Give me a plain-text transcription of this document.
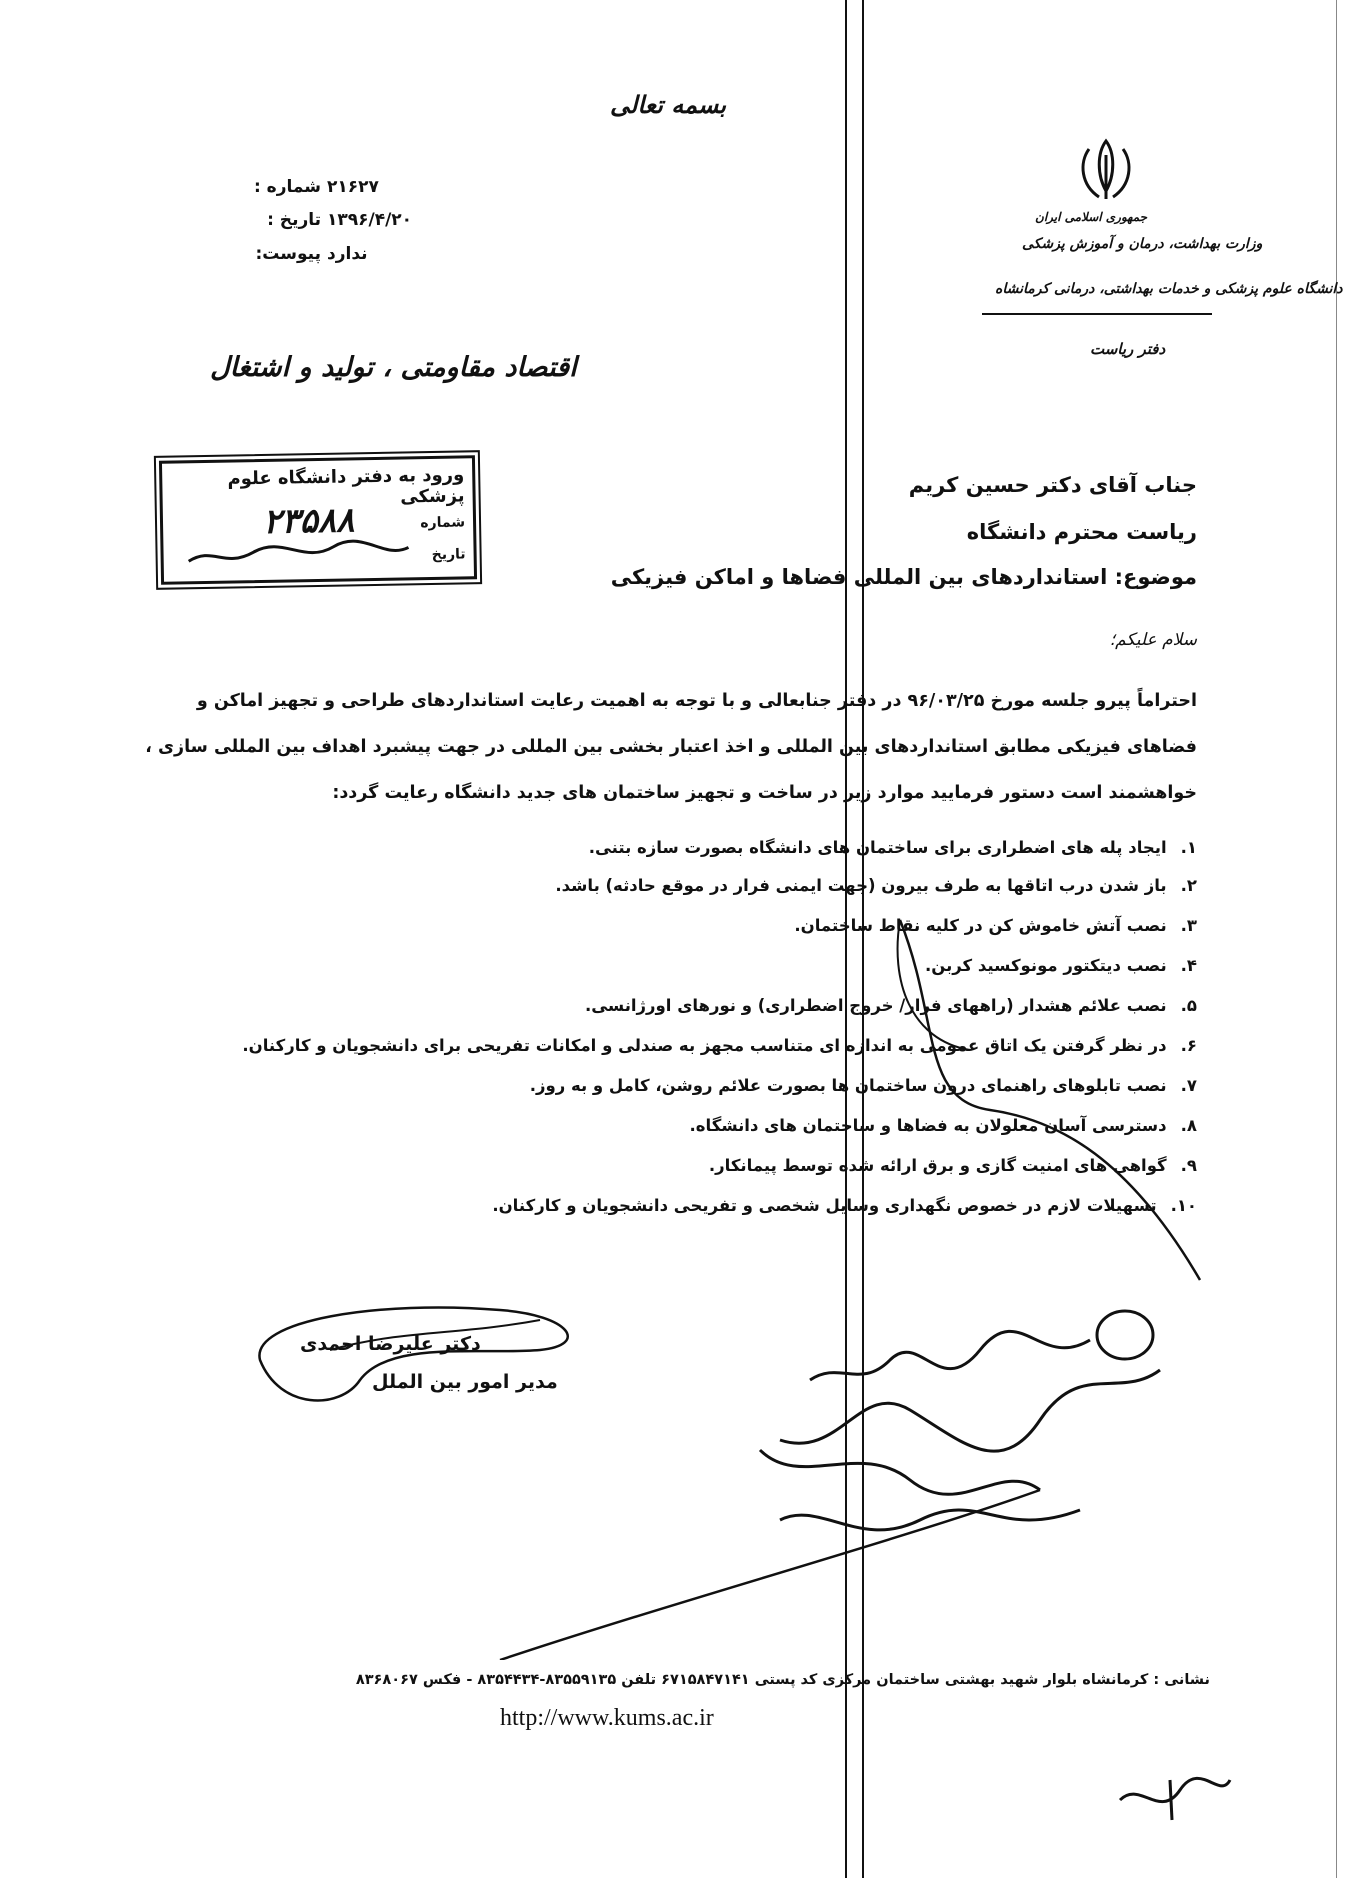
بسمه تعالی
شماره : ۲۱۶۲۷
تاریخ : ۱۳۹۶/۴/۲۰
پیوست: ندارد
اقتصاد مقاومتی ، تولید و اشتغال
ورود به دفتر دانشگاه علوم پزشکی
شماره
۲۳۵۸۸
تاریخ
جمهوری اسلامی ایران
وزارت بهداشت، درمان و آموزش پزشکی
دانشگاه علوم پزشکی و خدمات بهداشتی، درمانی کرمانشاه
دفتر ریاست
جناب آقای دکتر حسین کریم
ریاست محترم دانشگاه
موضوع: استانداردهای بین المللی فضاها و اماکن فیزیکی
سلام علیکم؛
احتراماً پیرو جلسه مورخ ۹۶/۰۳/۲۵ در دفتر جنابعالی و با توجه به اهمیت رعایت استانداردهای طراحی و تجهیز اماکن و
فضاهای فیزیکی مطابق استانداردهای بین المللی و اخذ اعتبار بخشی بین المللی در جهت پیشبرد اهداف بین المللی سازی ،
خواهشمند است دستور فرمایید موارد زیر در ساخت و تجهیز ساختمان های جدید دانشگاه رعایت گردد:
۱.ایجاد پله های اضطراری برای ساختمان های دانشگاه بصورت سازه بتنی.
۲.باز شدن درب اتاقها به طرف بیرون (جهت ایمنی فرار در موقع حادثه) باشد.
۳.نصب آتش خاموش کن در کلیه نقاط ساختمان.
۴.نصب دیتکتور مونوکسید کربن.
۵.نصب علائم هشدار (راههای فرار/ خروج اضطراری) و نورهای اورژانسی.
۶.در نظر گرفتن یک اتاق عمومی به اندازه ای متناسب مجهز به صندلی و امکانات تفریحی برای دانشجویان و کارکنان.
۷.نصب تابلوهای راهنمای درون ساختمان ها بصورت علائم روشن، کامل و به روز.
۸.دسترسی آسان معلولان به فضاها و ساختمان های دانشگاه.
۹.گواهی های امنیت گازی و برق ارائه شده توسط پیمانکار.
۱۰.تسهیلات لازم در خصوص نگهداری وسایل شخصی و تفریحی دانشجویان و کارکنان.
دکتر علیرضا احمدی
مدیر امور بین الملل
نشانی : کرمانشاه بلوار شهید بهشتی ساختمان مرکزی کد پستی ۶۷۱۵۸۴۷۱۴۱ تلفن ۸۳۵۵۹۱۳۵-۸۳۵۴۴۳۴ - فکس ۸۳۶۸۰۶۷
http://www.kums.ac.ir
